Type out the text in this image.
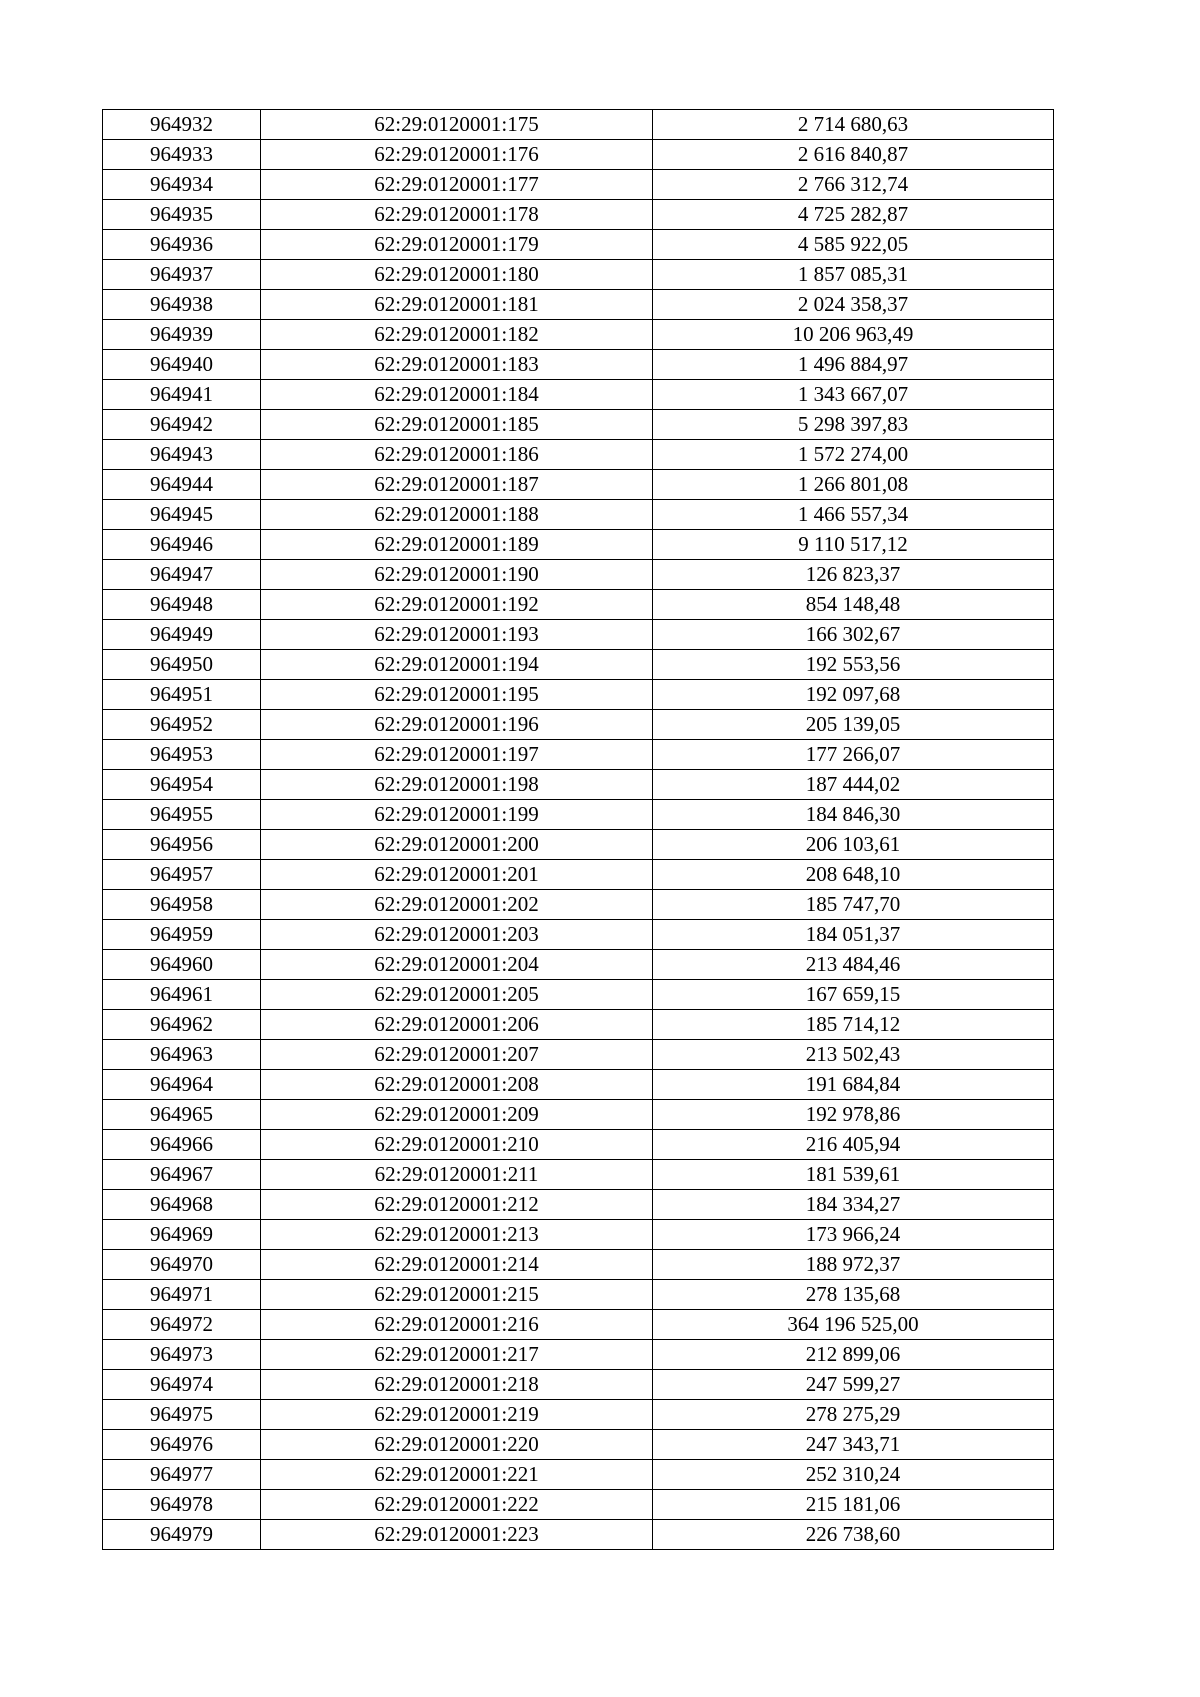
964932	62:29:0120001:175	2 714 680,63
964933	62:29:0120001:176	2 616 840,87
964934	62:29:0120001:177	2 766 312,74
964935	62:29:0120001:178	4 725 282,87
964936	62:29:0120001:179	4 585 922,05
964937	62:29:0120001:180	1 857 085,31
964938	62:29:0120001:181	2 024 358,37
964939	62:29:0120001:182	10 206 963,49
964940	62:29:0120001:183	1 496 884,97
964941	62:29:0120001:184	1 343 667,07
964942	62:29:0120001:185	5 298 397,83
964943	62:29:0120001:186	1 572 274,00
964944	62:29:0120001:187	1 266 801,08
964945	62:29:0120001:188	1 466 557,34
964946	62:29:0120001:189	9 110 517,12
964947	62:29:0120001:190	126 823,37
964948	62:29:0120001:192	854 148,48
964949	62:29:0120001:193	166 302,67
964950	62:29:0120001:194	192 553,56
964951	62:29:0120001:195	192 097,68
964952	62:29:0120001:196	205 139,05
964953	62:29:0120001:197	177 266,07
964954	62:29:0120001:198	187 444,02
964955	62:29:0120001:199	184 846,30
964956	62:29:0120001:200	206 103,61
964957	62:29:0120001:201	208 648,10
964958	62:29:0120001:202	185 747,70
964959	62:29:0120001:203	184 051,37
964960	62:29:0120001:204	213 484,46
964961	62:29:0120001:205	167 659,15
964962	62:29:0120001:206	185 714,12
964963	62:29:0120001:207	213 502,43
964964	62:29:0120001:208	191 684,84
964965	62:29:0120001:209	192 978,86
964966	62:29:0120001:210	216 405,94
964967	62:29:0120001:211	181 539,61
964968	62:29:0120001:212	184 334,27
964969	62:29:0120001:213	173 966,24
964970	62:29:0120001:214	188 972,37
964971	62:29:0120001:215	278 135,68
964972	62:29:0120001:216	364 196 525,00
964973	62:29:0120001:217	212 899,06
964974	62:29:0120001:218	247 599,27
964975	62:29:0120001:219	278 275,29
964976	62:29:0120001:220	247 343,71
964977	62:29:0120001:221	252 310,24
964978	62:29:0120001:222	215 181,06
964979	62:29:0120001:223	226 738,60
